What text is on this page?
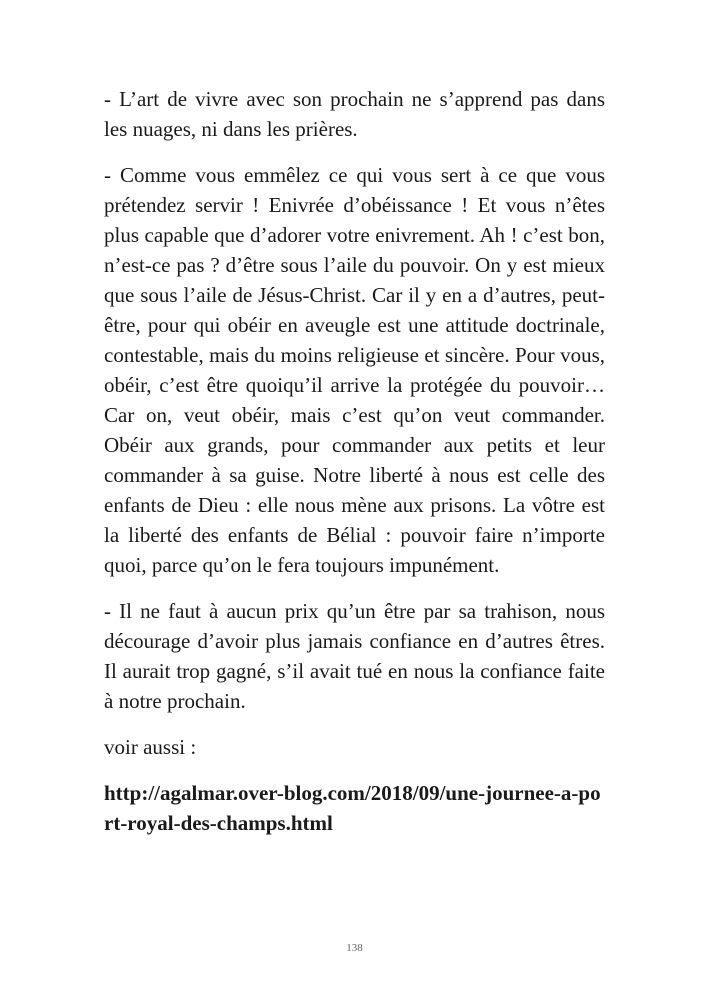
- L’art de vivre avec son prochain ne s’apprend pas dans les nuages, ni dans les prières.

- Comme vous emmêlez ce qui vous sert à ce que vous prétendez servir ! Enivrée d’obéissance ! Et vous n’êtes plus capable que d’adorer votre enivrement. Ah ! c’est bon, n’est-ce pas ? d’être sous l’aile du pouvoir. On y est mieux que sous l’aile de Jésus-Christ. Car il y en a d’autres, peut-être, pour qui obéir en aveugle est une attitude doctrinale, contestable, mais du moins religieuse et sincère. Pour vous, obéir, c’est être quoiqu’il arrive la protégée du pouvoir… Car on, veut obéir, mais c’est qu’on veut commander. Obéir aux grands, pour commander aux petits et leur commander à sa guise. Notre liberté à nous est celle des enfants de Dieu : elle nous mène aux prisons. La vôtre est la liberté des enfants de Bélial : pouvoir faire n’importe quoi, parce qu’on le fera toujours impunément.

- Il ne faut à aucun prix qu’un être par sa trahison, nous décourage d’avoir plus jamais confiance en d’autres êtres. Il aurait trop gagné, s’il avait tué en nous la confiance faite à notre prochain.

voir aussi :

http://agalmar.over-blog.com/2018/09/une-journee-a-port-royal-des-champs.html
138
